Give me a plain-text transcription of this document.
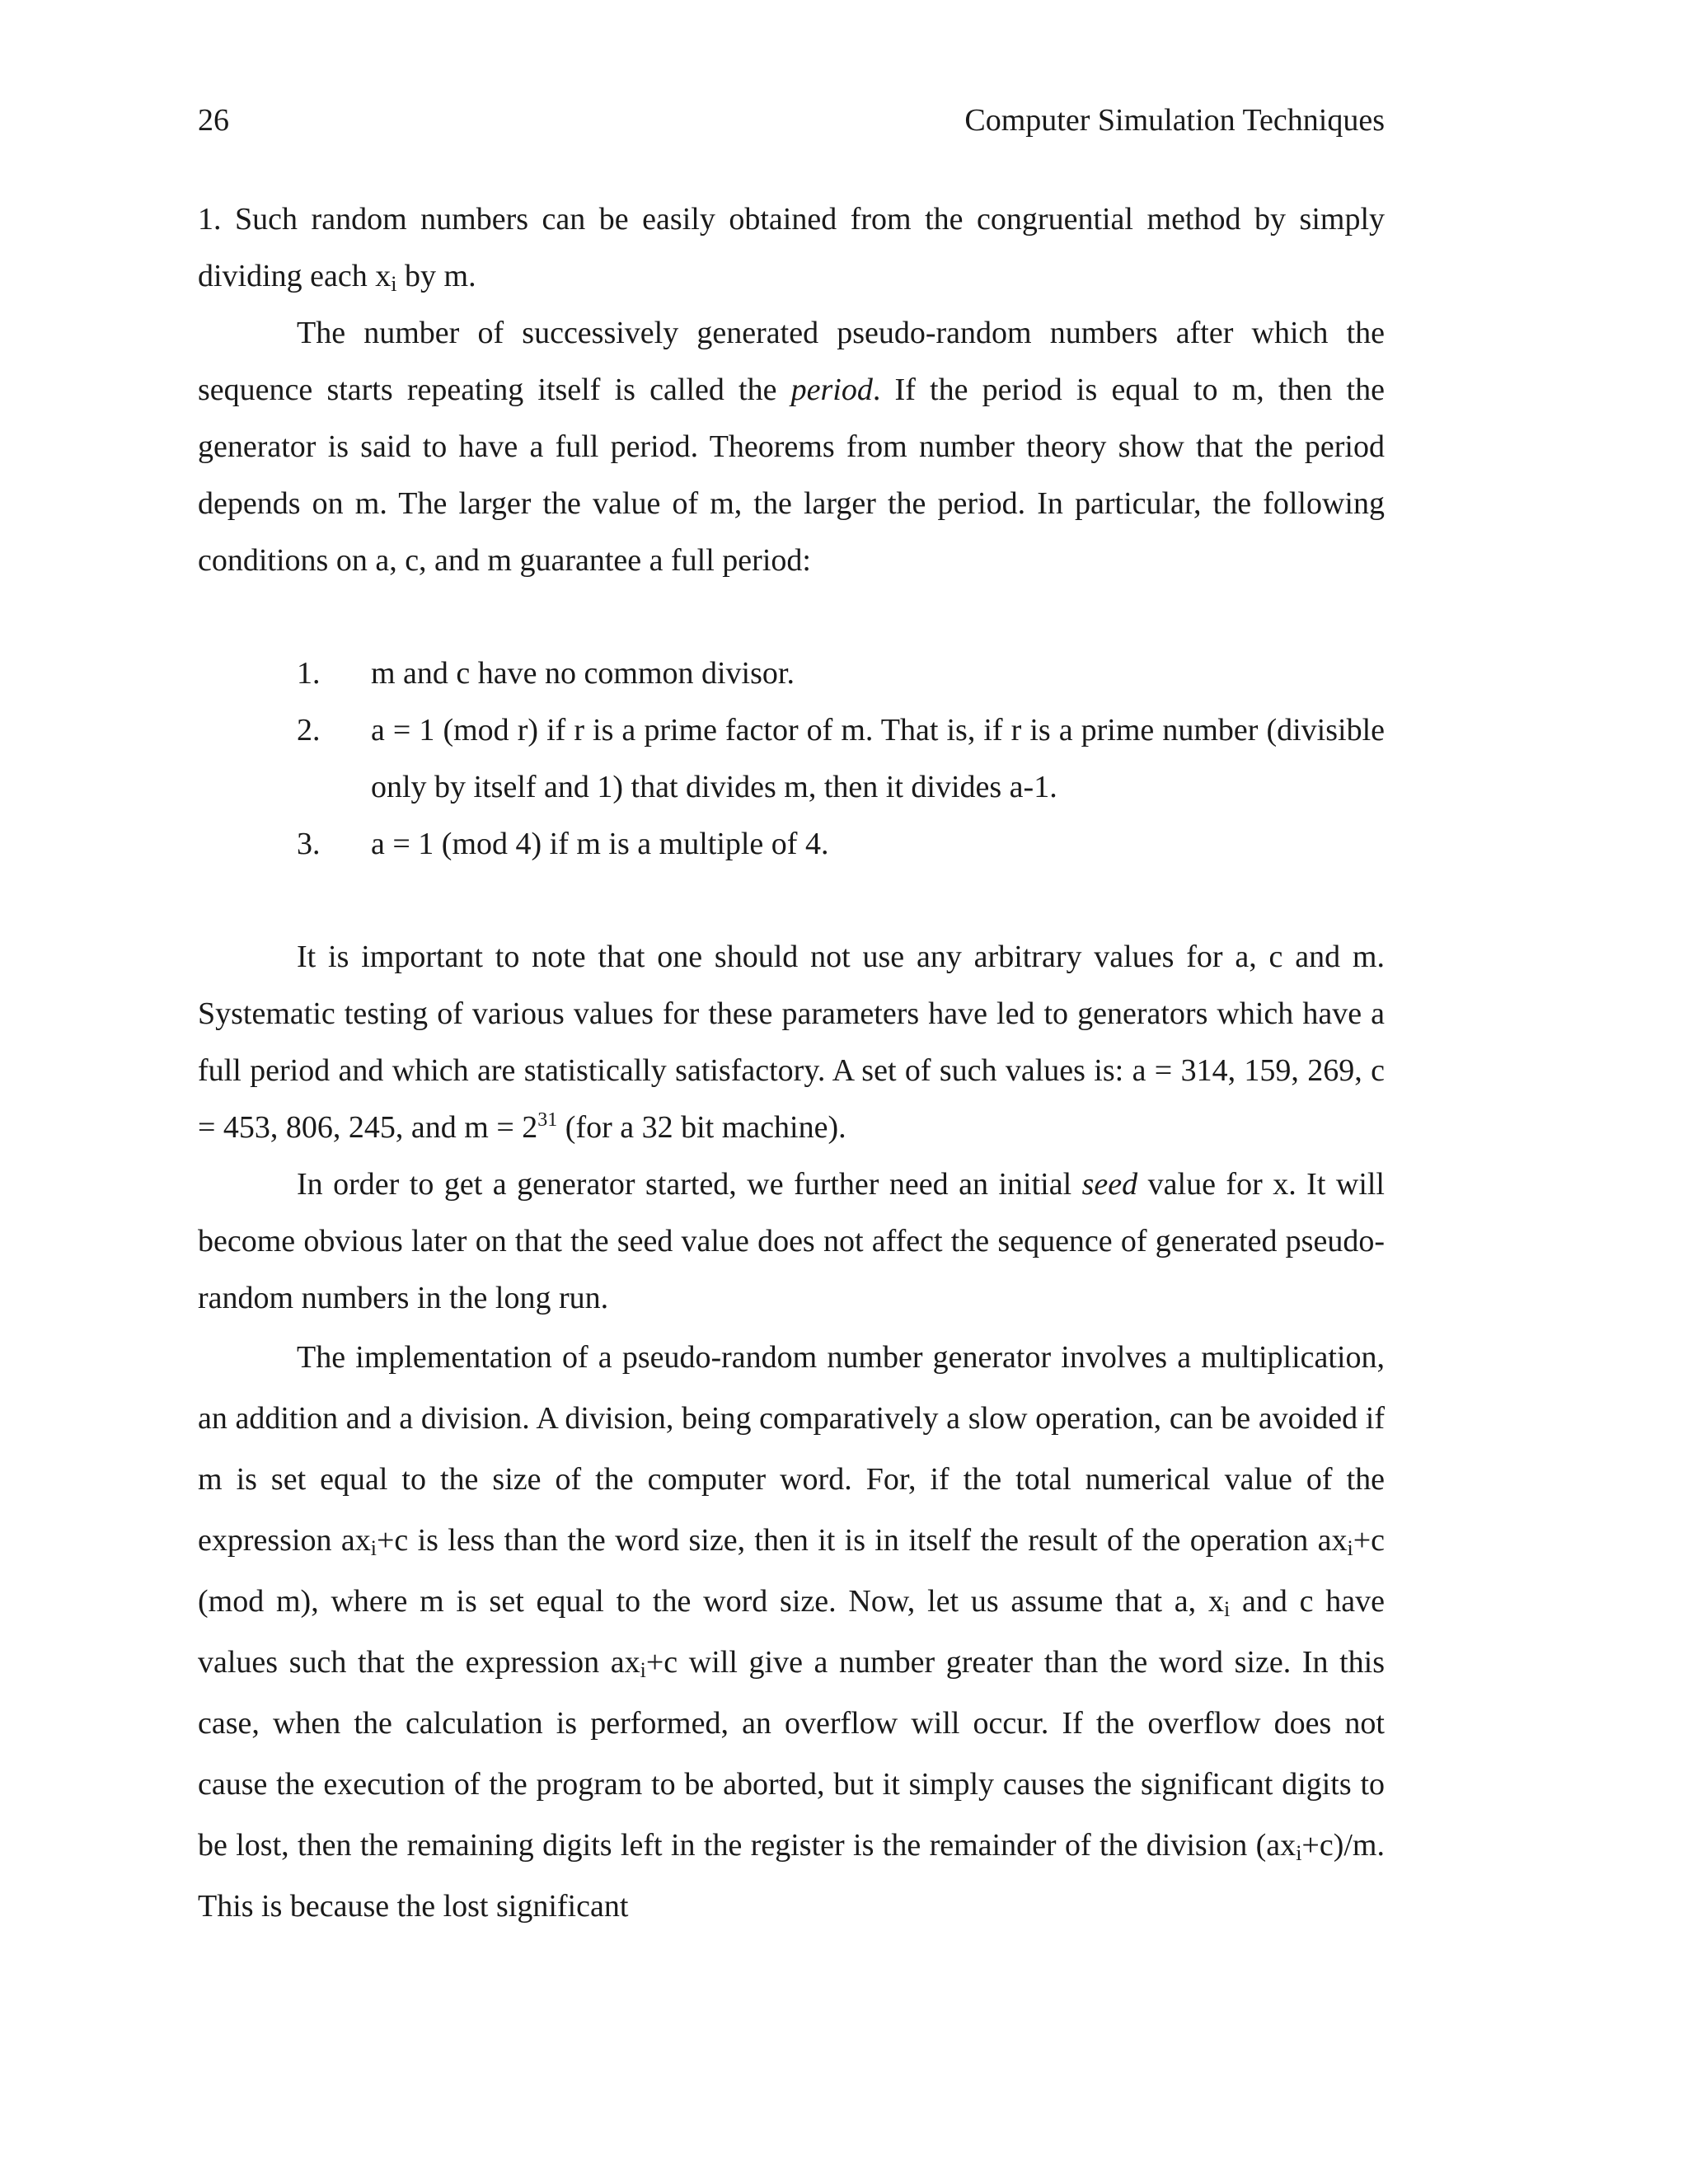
26	Computer Simulation Techniques

1. Such random numbers can be easily obtained from the congruential method by simply dividing each $x_i$ by m.

The number of successively generated pseudo-random numbers after which the sequence starts repeating itself is called the period. If the period is equal to m, then the generator is said to have a full period. Theorems from number theory show that the period depends on m. The larger the value of m, the larger the period. In particular, the following conditions on a, c, and m guarantee a full period:

1. m and c have no common divisor.
2. a = 1 (mod r) if r is a prime factor of m. That is, if r is a prime number (divisible only by itself and 1) that divides m, then it divides a-1.
3. a = 1 (mod 4) if m is a multiple of 4.

It is important to note that one should not use any arbitrary values for a, c and m. Systematic testing of various values for these parameters have led to generators which have a full period and which are statistically satisfactory. A set of such values is: a = 314, 159, 269, c = 453, 806, 245, and $m = 2^{31}$ (for a 32 bit machine).

In order to get a generator started, we further need an initial seed value for x. It will become obvious later on that the seed value does not affect the sequence of generated pseudo-random numbers in the long run.

The implementation of a pseudo-random number generator involves a multiplication, an addition and a division. A division, being comparatively a slow operation, can be avoided if m is set equal to the size of the computer word. For, if the total numerical value of the expression $ax_i+c$ is less than the word size, then it is in itself the result of the operation $ax_i+c$ (mod m), where m is set equal to the word size. Now, let us assume that a, $x_i$ and c have values such that the expression $ax_i+c$ will give a number greater than the word size. In this case, when the calculation is performed, an overflow will occur. If the overflow does not cause the execution of the program to be aborted, but it simply causes the significant digits to be lost, then the remaining digits left in the register is the remainder of the division $(ax_i+c)/m$. This is because the lost significant
